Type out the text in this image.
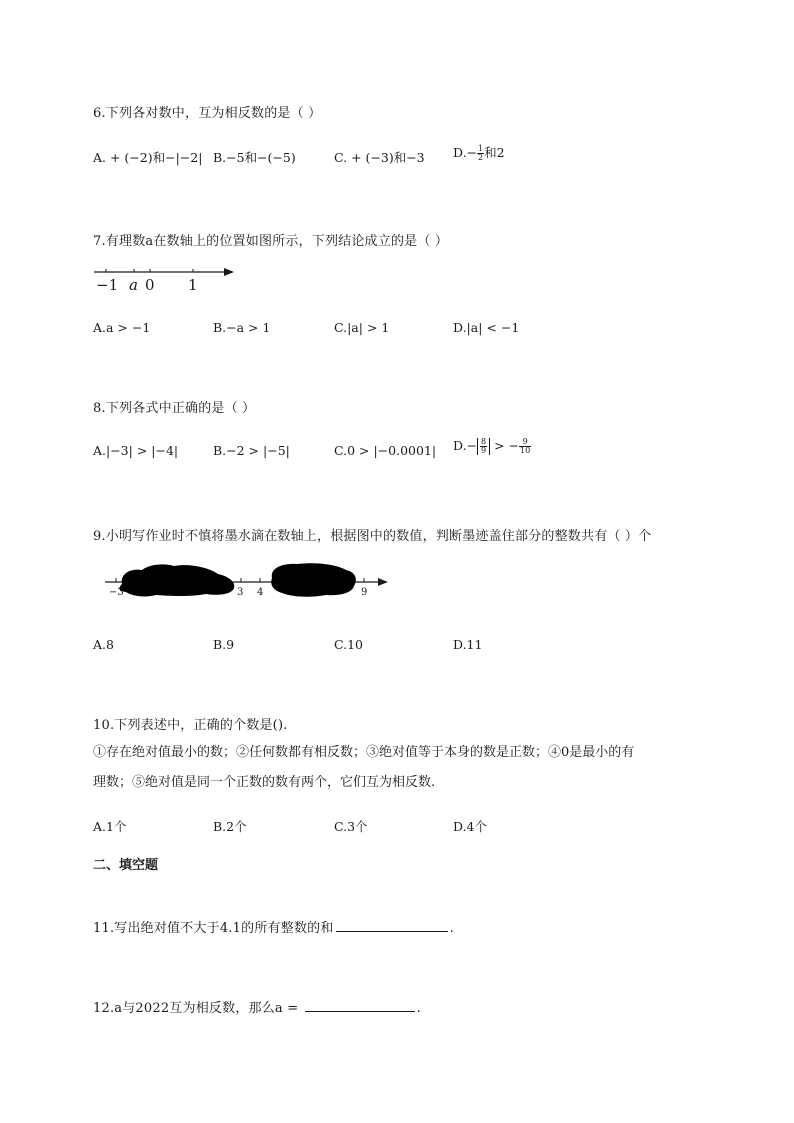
6.下列各对数中，互为相反数的是（ ）
A. + (−2)和−|−2| B.−5和−(−5)	C. + (−3)和−3 $D.- \frac{1}{2}$ 和2
7.有理数a在数轴上的位置如图所示，下列结论成立的是（ ）
−1 a 0 1
A.a > −1	B.−a > 1	C.|a| > 1	D.|a| < −1
8.下列各式中正确的是（ ）
A.|−3| > |−4|	B.−2 > |−5|	C.0 > |−0.0001| $D.- \frac{8}{9}$ > − $\frac{9}{10}$
9.小明写作业时不慎将墨水滴在数轴上，根据图中的数值，判断墨迹盖住部分的整数共有（ ）个
−3	3 4	9
A.8	B.9	C.10	D.11
10.下列表述中，正确的个数是().
①存在绝对值最小的数；②任何数都有相反数；③绝对值等于本身的数是正数；④0是最小的有
理数；⑤绝对值是同一个正数的数有两个，它们互为相反数.
A.1个	B.2个	C.3个	D.4个
二、填空题
11.写出绝对值不大于4.1的所有整数的和	.
12.a与2022互为相反数，那么a =	.
